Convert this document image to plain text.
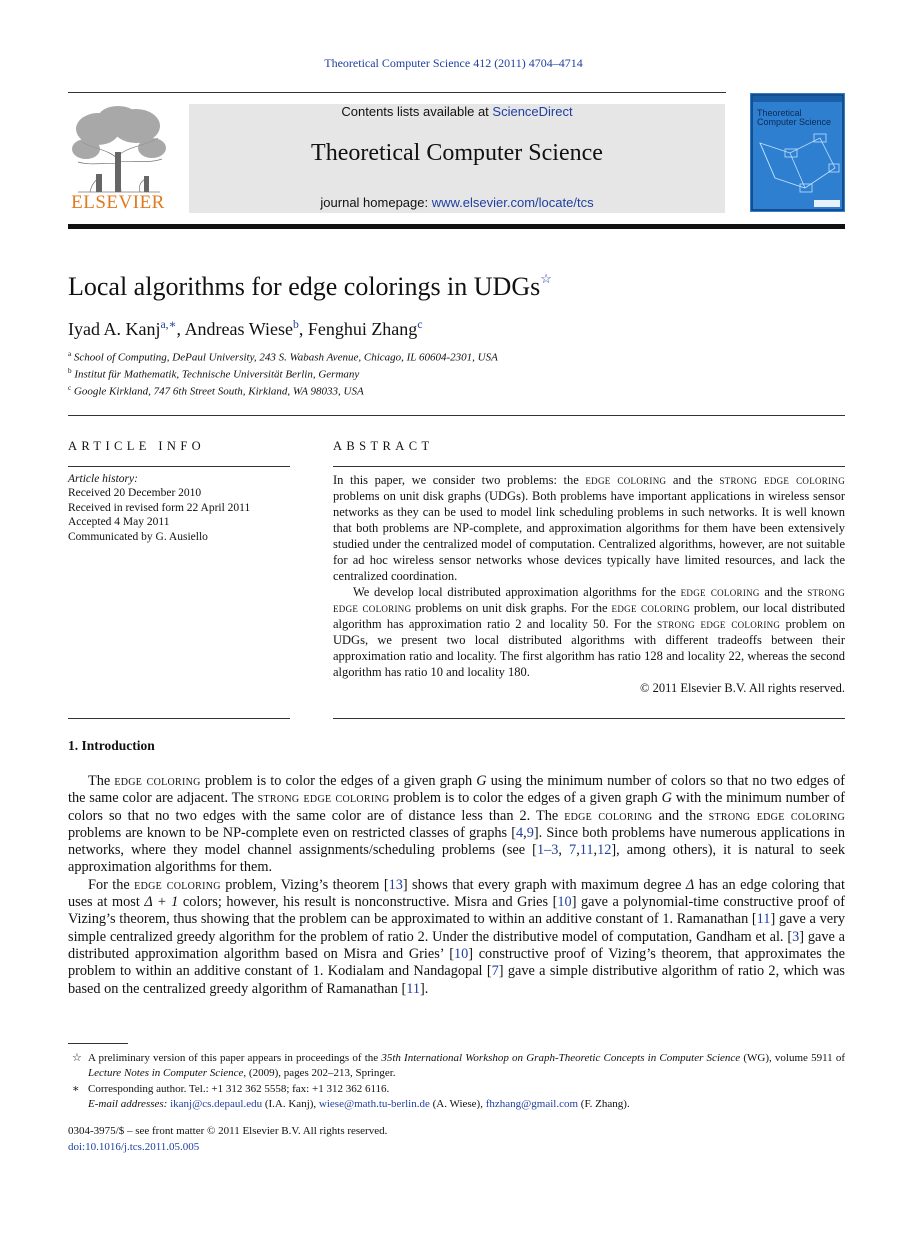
Theoretical Computer Science 412 (2011) 4704–4714
ELSEVIER
Contents lists available at ScienceDirect
Theoretical Computer Science
journal homepage: www.elsevier.com/locate/tcs
Theoretical
Computer Science
Local algorithms for edge colorings in UDGs☆
Iyad A. Kanj$^{a,∗}$, Andreas Wiese$^b$, Fenghui Zhang$^c$
$^a$ School of Computing, DePaul University, 243 S. Wabash Avenue, Chicago, IL 60604-2301, USA
$^b$ Institut für Mathematik, Technische Universität Berlin, Germany
$^c$ Google Kirkland, 747 6th Street South, Kirkland, WA 98033, USA
ARTICLE INFO
Article history:
Received 20 December 2010
Received in revised form 22 April 2011
Accepted 4 May 2011
Communicated by G. Ausiello
ABSTRACT

In this paper, we consider two problems: the edge coloring and the strong edge coloring problems on unit disk graphs (UDGs). Both problems have important applications in wireless sensor networks as they can be used to model link scheduling problems in such networks. It is well known that both problems are NP-complete, and approximation algorithms for them have been extensively studied under the centralized model of computation. Centralized algorithms, however, are not suitable for ad hoc wireless sensor networks whose devices typically have limited resources, and lack the centralized coordination.

We develop local distributed approximation algorithms for the edge coloring and the strong edge coloring problems on unit disk graphs. For the edge coloring problem, our local distributed algorithm has approximation ratio 2 and locality 50. For the strong edge coloring problem on UDGs, we present two local distributed algorithms with different tradeoffs between their approximation ratio and locality. The first algorithm has ratio 128 and locality 22, whereas the second algorithm has ratio 10 and locality 180.

© 2011 Elsevier B.V. All rights reserved.
1. Introduction

The edge coloring problem is to color the edges of a given graph G using the minimum number of colors so that no two edges of the same color are adjacent. The strong edge coloring problem is to color the edges of a given graph G with the minimum number of colors so that no two edges with the same color are of distance less than 2. The edge coloring and the strong edge coloring problems are known to be NP-complete even on restricted classes of graphs [4,9]. Since both problems have numerous applications in networks, where they model channel assignments/scheduling problems (see [1–3, 7,11,12], among others), it is natural to seek approximation algorithms for them.

For the edge coloring problem, Vizing’s theorem [13] shows that every graph with maximum degree Δ has an edge coloring that uses at most Δ + 1 colors; however, his result is nonconstructive. Misra and Gries [10] gave a polynomial-time constructive proof of Vizing’s theorem, thus showing that the problem can be approximated to within an additive constant of 1. Ramanathan [11] gave a very simple centralized greedy algorithm for the problem of ratio 2. Under the distributive model of computation, Gandham et al. [3] gave a distributed approximation algorithm based on Misra and Gries’ [10] constructive proof of Vizing’s theorem, that approximates the problem to within an additive constant of 1. Kodialam and Nandagopal [7] gave a simple distributive algorithm of ratio 2, which was based on the centralized greedy algorithm of Ramanathan [11].

☆ A preliminary version of this paper appears in proceedings of the 35th International Workshop on Graph-Theoretic Concepts in Computer Science (WG), volume 5911 of Lecture Notes in Computer Science, (2009), pages 202–213, Springer.
∗ Corresponding author. Tel.: +1 312 362 5558; fax: +1 312 362 6116.
E-mail addresses: ikanj@cs.depaul.edu (I.A. Kanj), wiese@math.tu-berlin.de (A. Wiese), fhzhang@gmail.com (F. Zhang).
0304-3975/$ – see front matter © 2011 Elsevier B.V. All rights reserved.
doi:10.1016/j.tcs.2011.05.005
